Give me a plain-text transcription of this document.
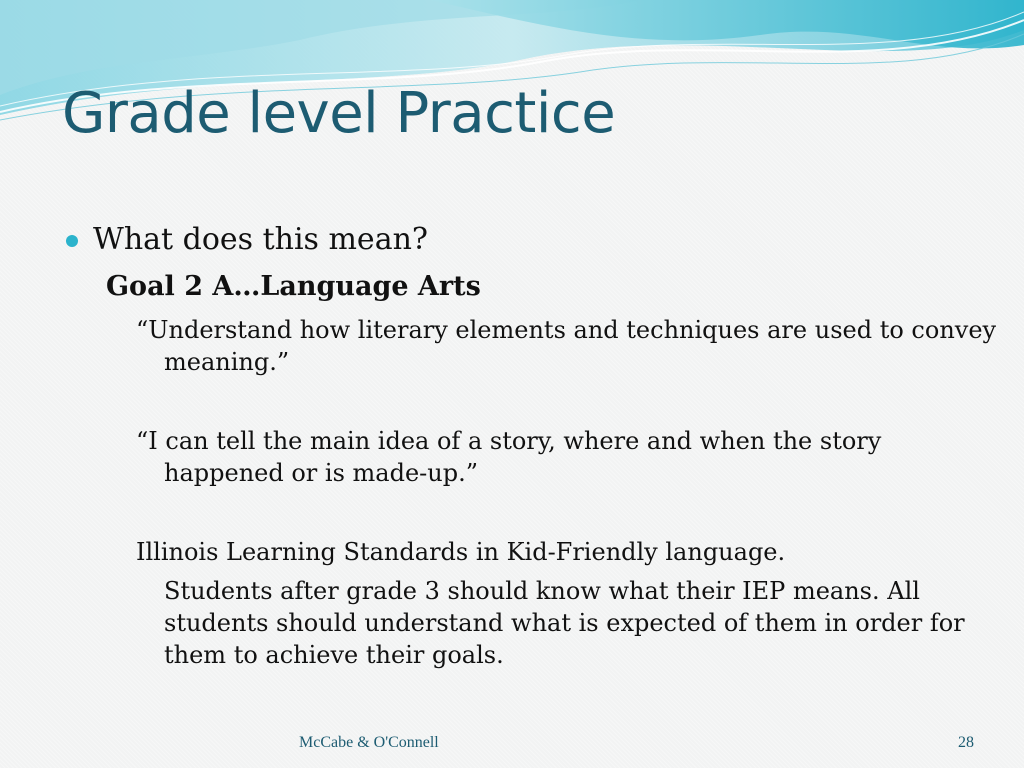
Grade level Practice
What does this mean?
Goal 2 A…Language Arts
“Understand how literary elements and techniques are used to convey meaning.”
“I can tell the main idea of a story, where and when the story happened or is made-up.”
Illinois Learning Standards in Kid-Friendly language.
Students after grade 3 should know what their IEP means. All students should understand what is expected of them in order for them to achieve their goals.
McCabe & O'Connell	28
